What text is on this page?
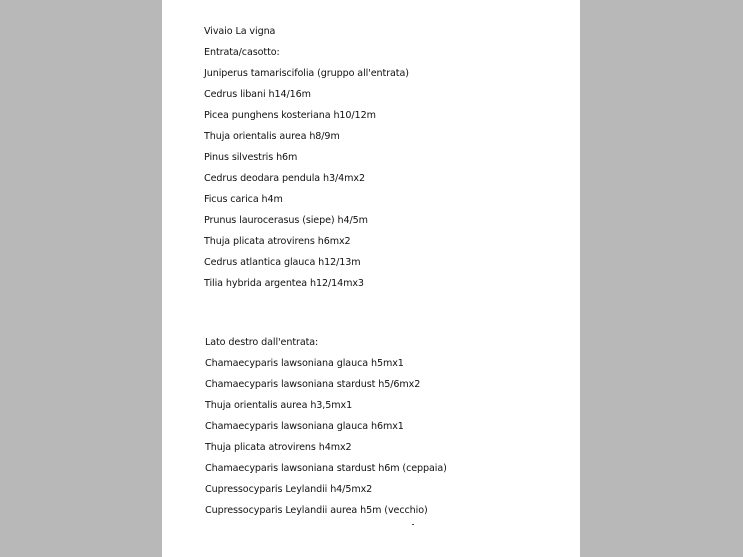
Vivaio La vigna
Entrata/casotto:
Juniperus tamariscifolia (gruppo all'entrata)
Cedrus libani h14/16m
Picea punghens kosteriana h10/12m
Thuja orientalis aurea h8/9m
Pinus silvestris h6m
Cedrus deodara pendula h3/4mx2
Ficus carica h4m
Prunus laurocerasus (siepe) h4/5m
Thuja plicata atrovirens h6mx2
Cedrus atlantica glauca h12/13m
Tilia hybrida argentea h12/14mx3
Lato destro dall'entrata:
Chamaecyparis lawsoniana glauca h5mx1
Chamaecyparis lawsoniana stardust h5/6mx2
Thuja orientalis aurea h3,5mx1
Chamaecyparis lawsoniana glauca h6mx1
Thuja plicata atrovirens h4mx2
Chamaecyparis lawsoniana stardust h6m (ceppaia)
Cupressocyparis Leylandii h4/5mx2
Cupressocyparis Leylandii aurea h5m (vecchio)
